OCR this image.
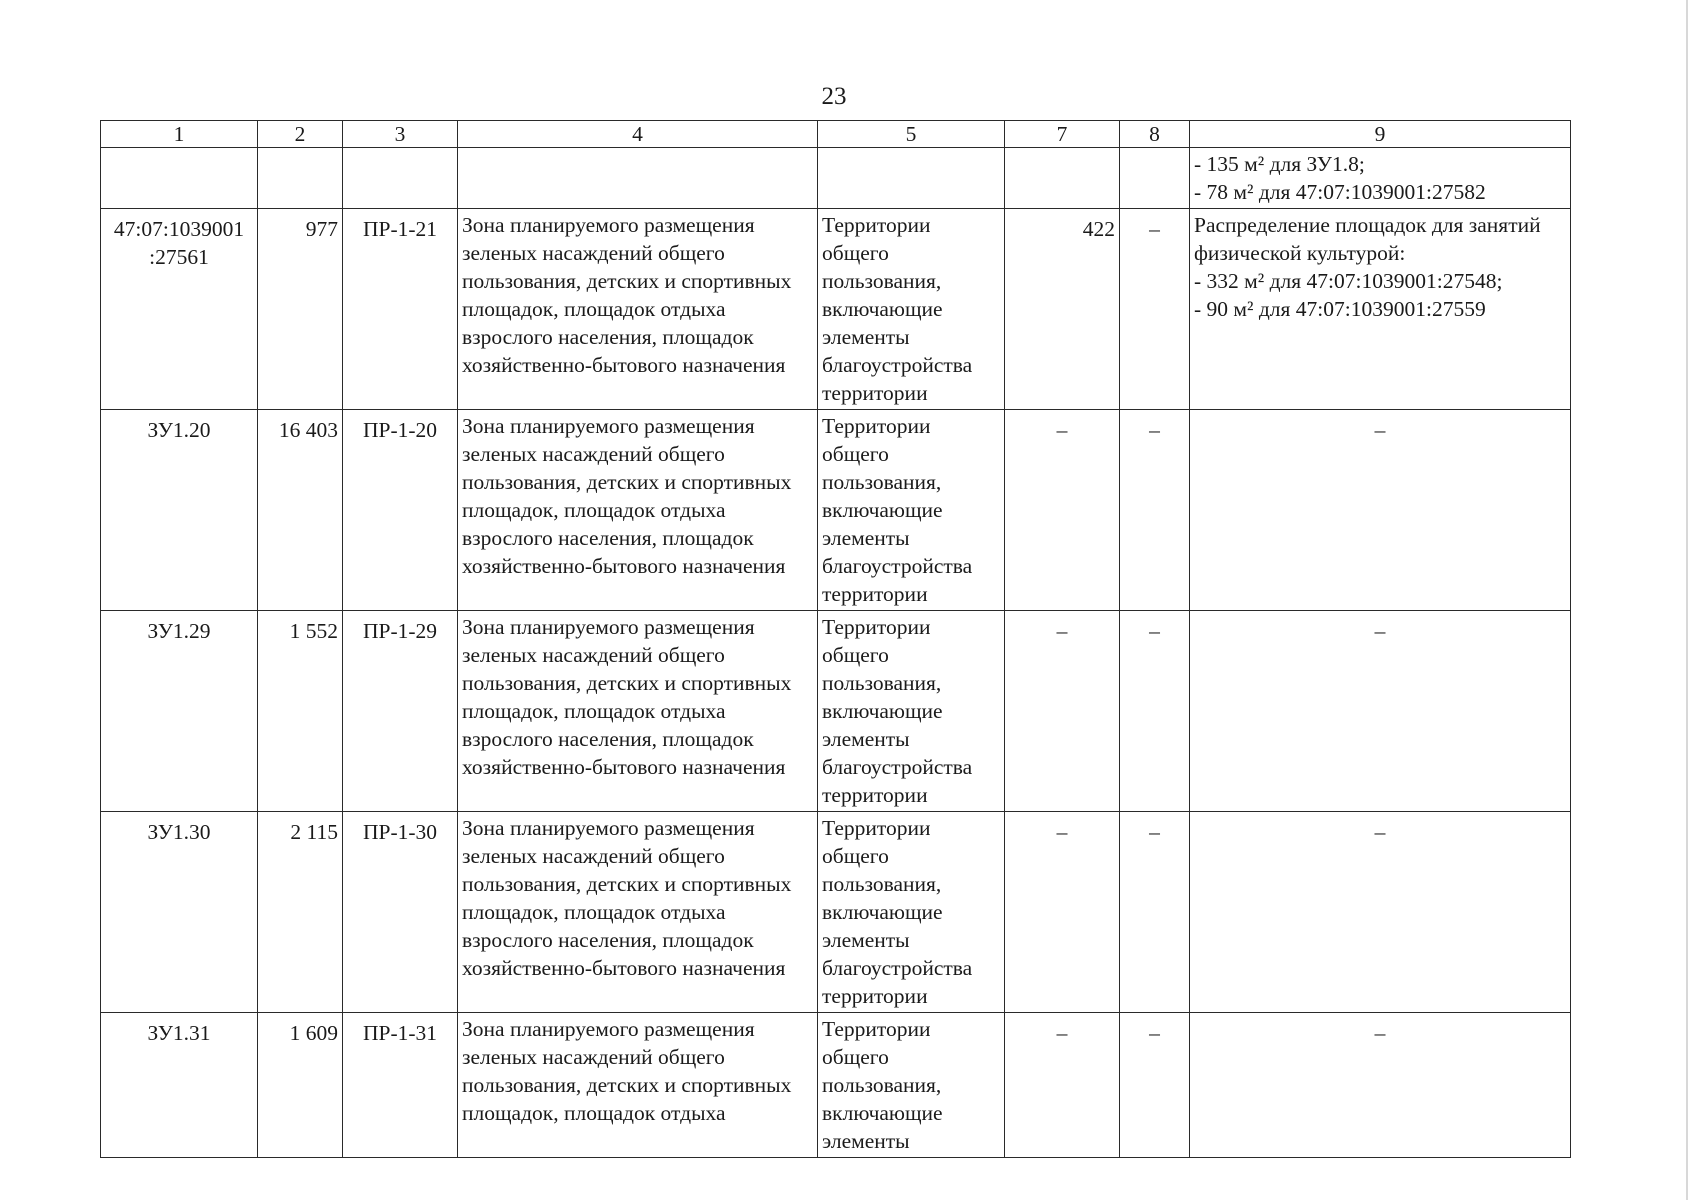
23
1	2	3	4	5	7	8	9

							- 135 м² для ЗУ1.8;
- 78 м² для 47:07:1039001:27582

47:07:1039001
:27561	977	ПР-1-21	Зона планируемого размещения зеленых насаждений общего пользования, детских и спортивных площадок, площадок отдыха взрослого населения, площадок хозяйственно-бытового назначения	Территории общего пользования, включающие элементы благоустройства территории	422	–	Распределение площадок для занятий физической культурой:
- 332 м² для 47:07:1039001:27548;
- 90 м² для 47:07:1039001:27559

ЗУ1.20	16 403	ПР-1-20	Зона планируемого размещения зеленых насаждений общего пользования, детских и спортивных площадок, площадок отдыха взрослого населения, площадок хозяйственно-бытового назначения	Территории общего пользования, включающие элементы благоустройства территории	–	–	–
ЗУ1.29	1 552	ПР-1-29	Зона планируемого размещения зеленых насаждений общего пользования, детских и спортивных площадок, площадок отдыха взрослого населения, площадок хозяйственно-бытового назначения	Территории общего пользования, включающие элементы благоустройства территории	–	–	–
ЗУ1.30	2 115	ПР-1-30	Зона планируемого размещения зеленых насаждений общего пользования, детских и спортивных площадок, площадок отдыха взрослого населения, площадок хозяйственно-бытового назначения	Территории общего пользования, включающие элементы благоустройства территории	–	–	–
ЗУ1.31	1 609	ПР-1-31	Зона планируемого размещения зеленых насаждений общего пользования, детских и спортивных площадок, площадок отдыха	Территории общего пользования, включающие элементы	–	–	–
